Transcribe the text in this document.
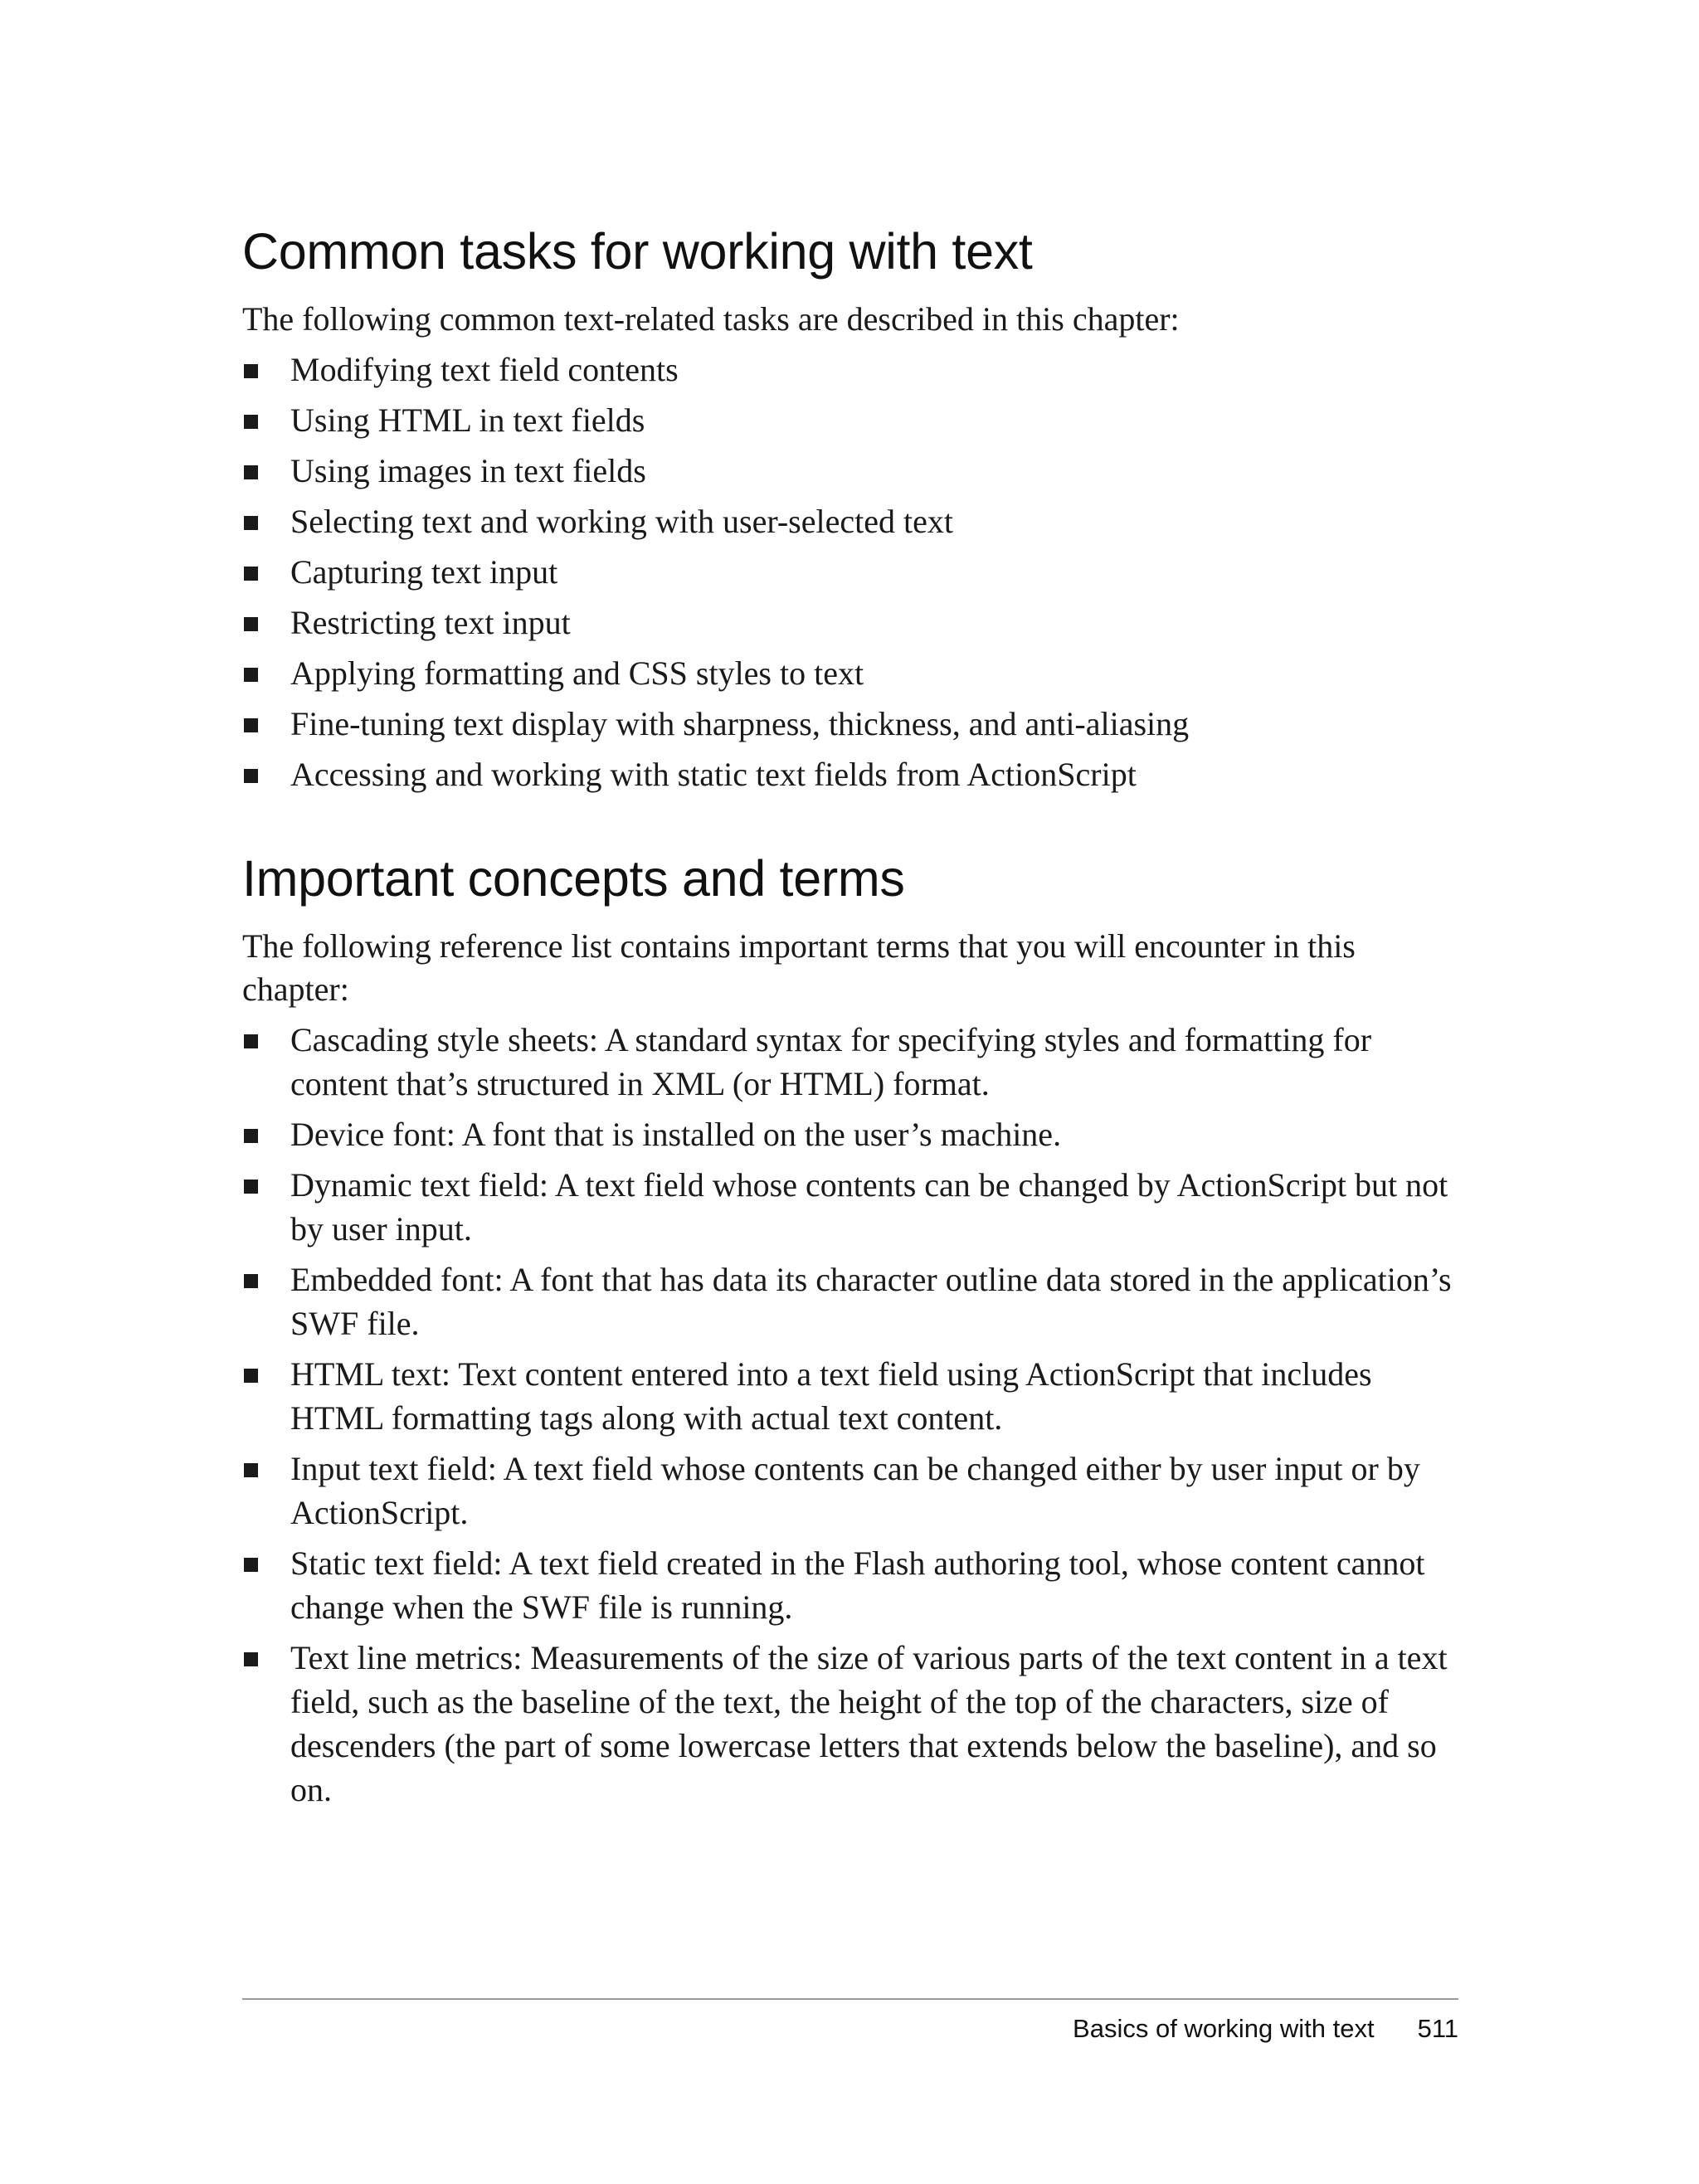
Common tasks for working with text

The following common text-related tasks are described in this chapter:

Modifying text field contents
Using HTML in text fields
Using images in text fields
Selecting text and working with user-selected text
Capturing text input
Restricting text input
Applying formatting and CSS styles to text
Fine-tuning text display with sharpness, thickness, and anti-aliasing
Accessing and working with static text fields from ActionScript
Important concepts and terms

The following reference list contains important terms that you will encounter in this chapter:

Cascading style sheets: A standard syntax for specifying styles and formatting for content that’s structured in XML (or HTML) format.
Device font: A font that is installed on the user’s machine.
Dynamic text field: A text field whose contents can be changed by ActionScript but not by user input.
Embedded font: A font that has data its character outline data stored in the application’s SWF file.
HTML text: Text content entered into a text field using ActionScript that includes HTML formatting tags along with actual text content.
Input text field: A text field whose contents can be changed either by user input or by ActionScript.
Static text field: A text field created in the Flash authoring tool, whose content cannot change when the SWF file is running.
Text line metrics: Measurements of the size of various parts of the text content in a text field, such as the baseline of the text, the height of the top of the characters, size of descenders (the part of some lowercase letters that extends below the baseline), and so on.
Basics of working with text 511
